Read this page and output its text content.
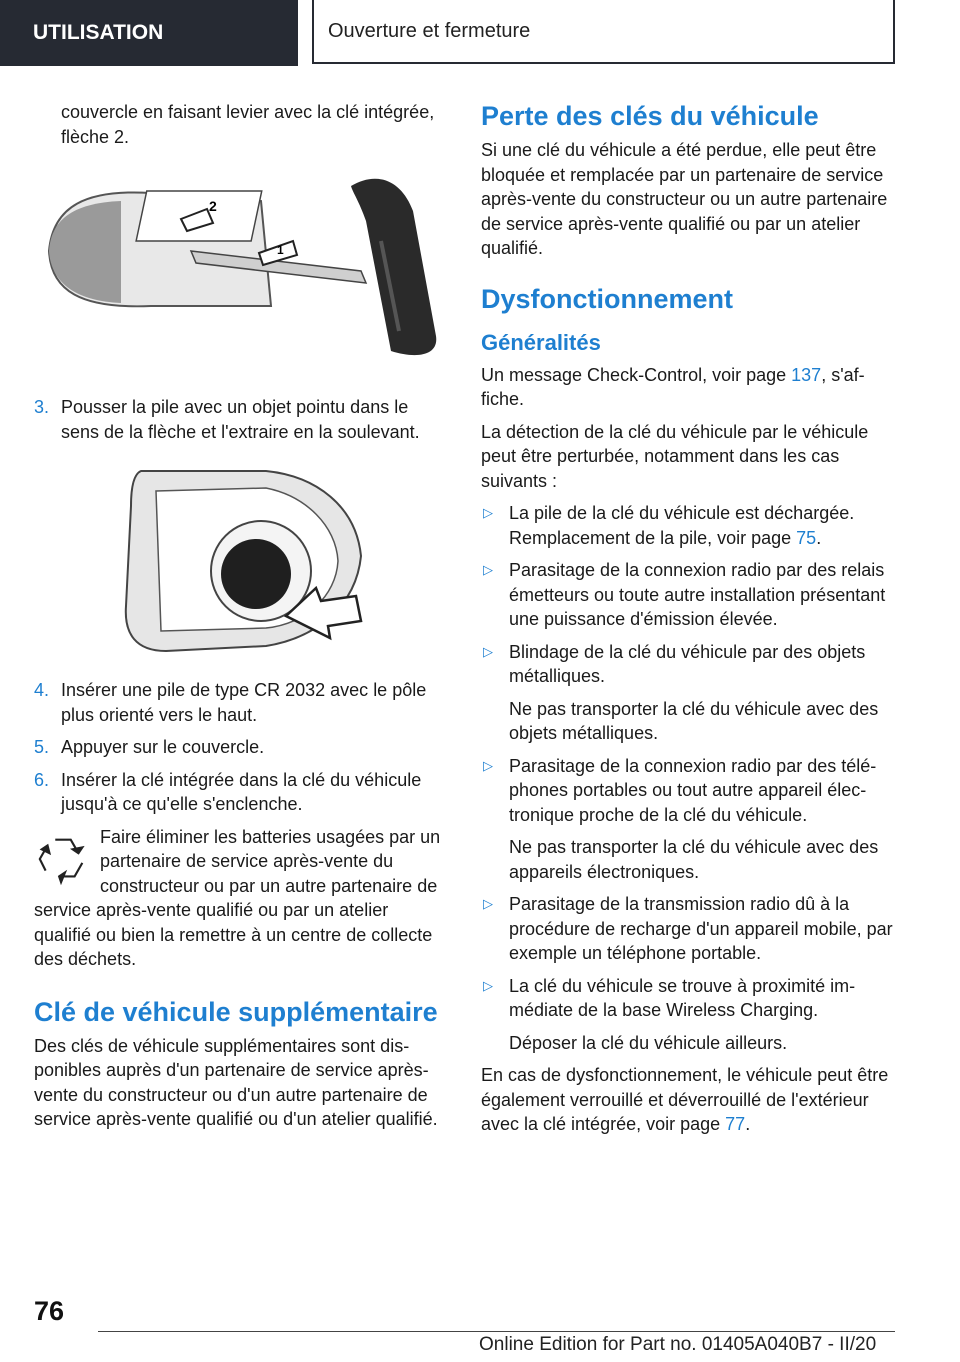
UTILISATION	Ouverture et fermeture

couvercle en faisant levier avec la clé intégrée, flèche 2.

2
1
3. Pousser la pile avec un objet pointu dans le sens de la flèche et l'extraire en la soulevant.
4. Insérer une pile de type CR 2032 avec le pôle plus orienté vers le haut.
5. Appuyer sur le couvercle.
6. Insérer la clé intégrée dans la clé du véhicule jusqu'à ce qu'elle s'enclenche.
Faire éliminer les batteries usagées par un partenaire de service après-vente du constructeur ou par un autre partenaire de service après-vente qualifié ou par un atelier qualifié ou bien la remettre à un centre de collecte des déchets.
Clé de véhicule supplémentaire

Des clés de véhicule supplémentaires sont disponibles auprès d'un partenaire de service après-vente du constructeur ou d'un autre partenaire de service après-vente qualifié ou d'un atelier qualifié.

Perte des clés du véhicule

Si une clé du véhicule a été perdue, elle peut être bloquée et remplacée par un partenaire de service après-vente du constructeur ou un autre partenaire de service après-vente qualifié ou par un atelier qualifié.

Dysfonctionnement
Généralités

Un message Check-Control, voir page 137, s'affiche.

La détection de la clé du véhicule par le véhicule peut être perturbée, notamment dans les cas suivants :

▷ La pile de la clé du véhicule est déchargée. Remplacement de la pile, voir page 75.
▷ Parasitage de la connexion radio par des relais émetteurs ou toute autre installation présentant une puissance d'émission élevée.
▷ Blindage de la clé du véhicule par des objets métalliques.

Ne pas transporter la clé du véhicule avec des objets métalliques.

▷ Parasitage de la connexion radio par des téléphones portables ou tout autre appareil électronique proche de la clé du véhicule.

Ne pas transporter la clé du véhicule avec des appareils électroniques.

▷ Parasitage de la transmission radio dû à la procédure de recharge d'un appareil mobile, par exemple un téléphone portable.
▷ La clé du véhicule se trouve à proximité immédiate de la base Wireless Charging.

Déposer la clé du véhicule ailleurs.

En cas de dysfonctionnement, le véhicule peut être également verrouillé et déverrouillé de l'extérieur avec la clé intégrée, voir page 77.

76
Online Edition for Part no. 01405A040B7 - II/20
